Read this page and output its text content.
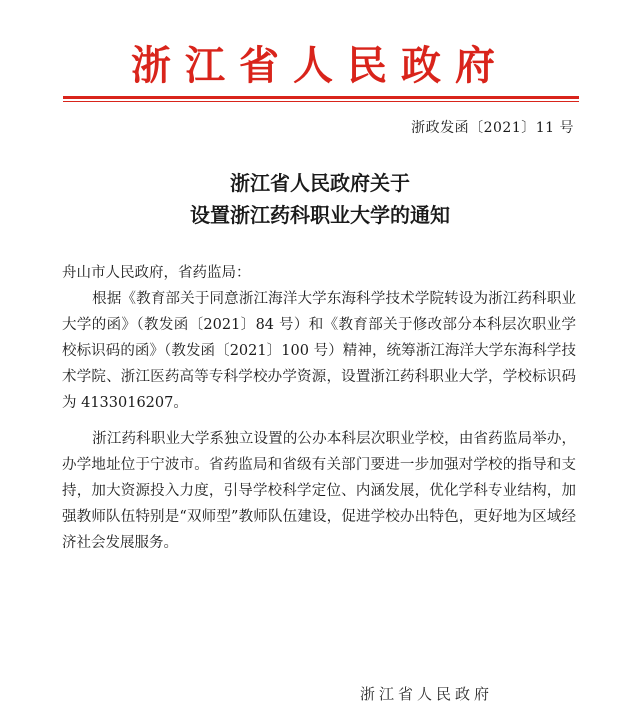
浙江省人民政府
浙政发函〔2021〕11 号
浙江省人民政府关于
设置浙江药科职业大学的通知
舟山市人民政府，省药监局：
根据《教育部关于同意浙江海洋大学东海科学技术学院转设为浙江药科职业大学的函》（教发函〔2021〕84 号）和《教育部关于修改部分本科层次职业学校标识码的函》（教发函〔2021〕100 号）精神，统筹浙江海洋大学东海科学技术学院、浙江医药高等专科学校办学资源，设置浙江药科职业大学，学校标识码为 4133016207。
浙江药科职业大学系独立设置的公办本科层次职业学校，由省药监局举办，办学地址位于宁波市。省药监局和省级有关部门要进一步加强对学校的指导和支持，加大资源投入力度，引导学校科学定位、内涵发展，优化学科专业结构，加强教师队伍特别是“双师型”教师队伍建设，促进学校办出特色，更好地为区域经济社会发展服务。
浙江省人民政府
